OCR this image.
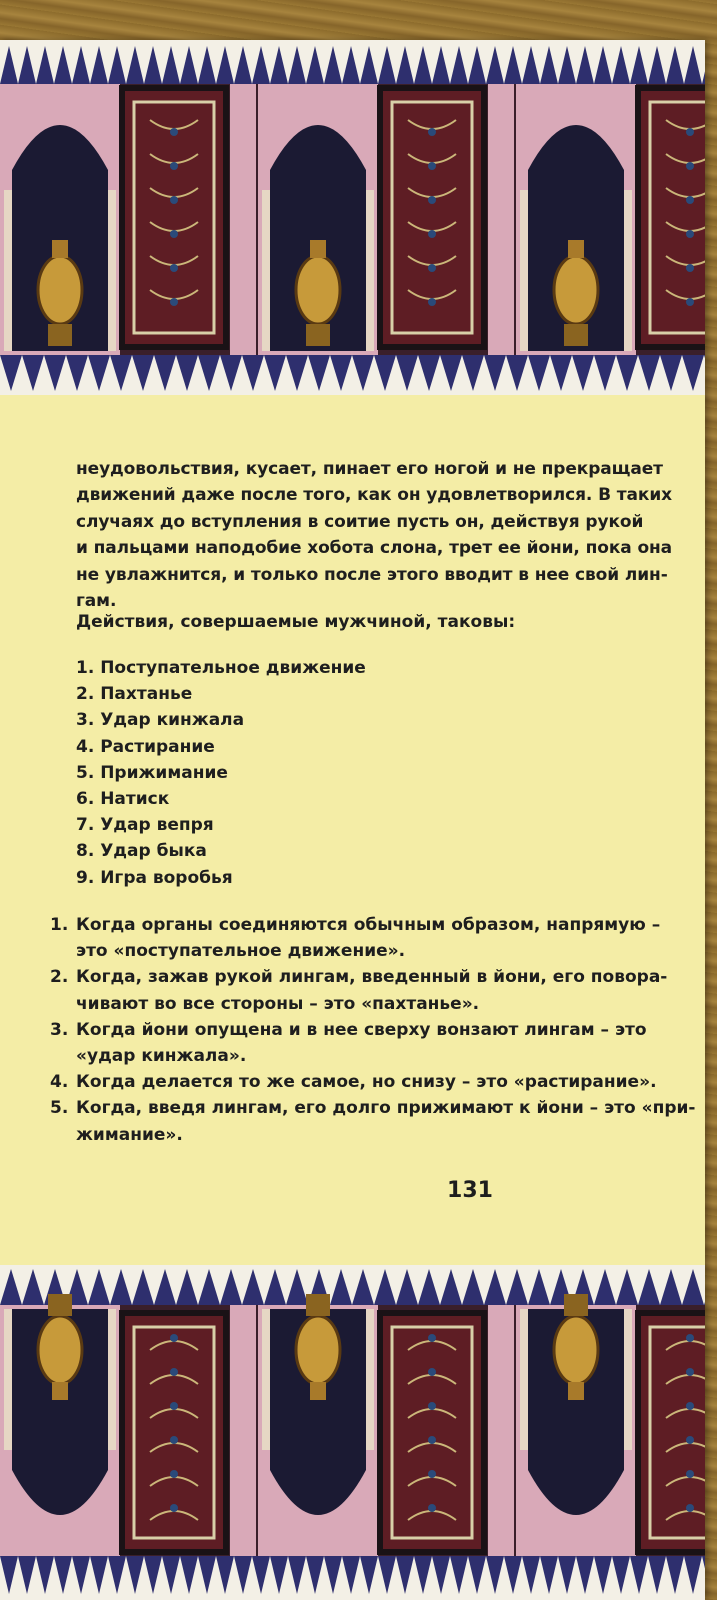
неудовольствия, кусает, пинает его ногой и не прекращает
движений даже после того, как он удовлетворился. В таких
случаях до вступления в соитие пусть он, действуя рукой
и пальцами наподобие хобота слона, трет ее йони, пока она
не увлажнится, и только после этого вводит в нее свой лин-
гам.
Действия, совершаемые мужчиной, таковы:
1. Поступательное движение
2. Пахтанье
3. Удар кинжала
4. Растирание
5. Прижимание
6. Натиск
7. Удар вепря
8. Удар быка
9. Игра воробья
1. Когда органы соединяются обычным образом, напрямую –
это «поступательное движение».
2. Когда, зажав рукой лингам, введенный в йони, его повора-
чивают во все стороны – это «пахтанье».
3. Когда йони опущена и в нее сверху вонзают лингам – это
«удар кинжала».
4. Когда делается то же самое, но снизу – это «растирание».
5. Когда, введя лингам, его долго прижимают к йони – это «при-
жимание».
131
